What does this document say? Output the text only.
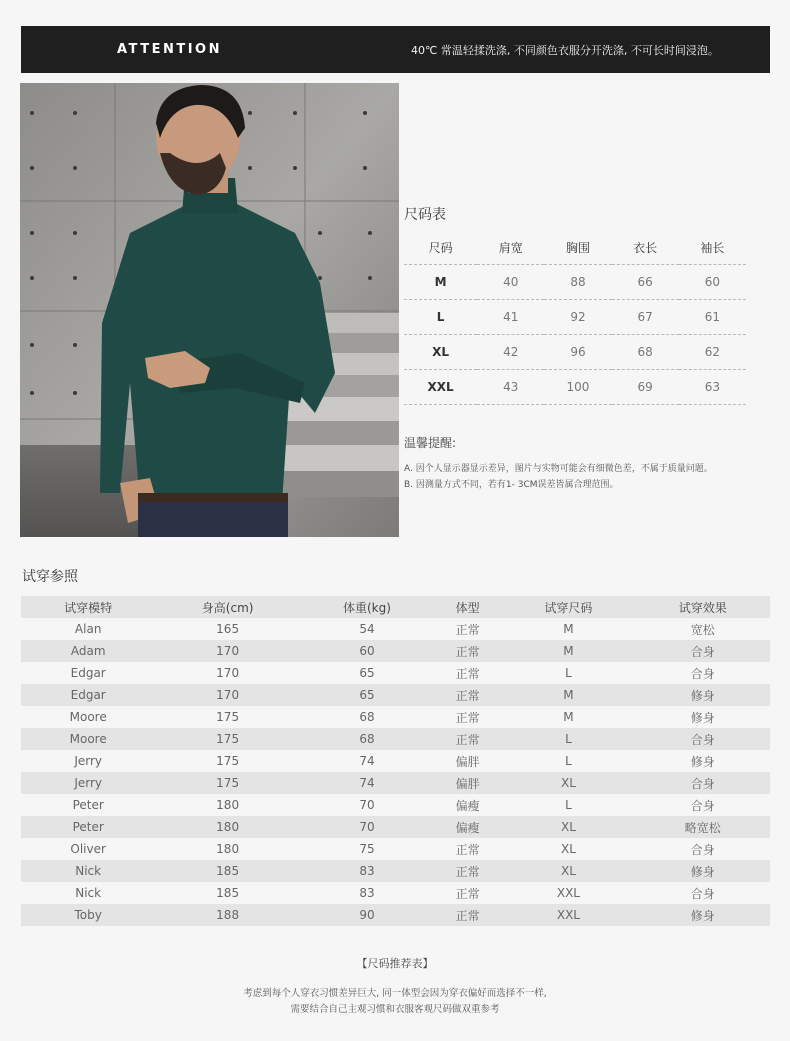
ATTENTION	40℃ 常温轻揉洗涤, 不同颜色衣服分开洗涤, 不可长时间浸泡。
尺码表
尺码	肩宽	胸围	衣长	袖长
M	40	88	66	60
L	41	92	67	61
XL	42	96	68	62
XXL	43	100	69	63
温馨提醒:
A. 因个人显示器显示差异，图片与实物可能会有细微色差，不属于质量问题。
B. 因测量方式不同，若有1- 3CM误差皆属合理范围。
试穿参照
试穿模特	身高(cm)	体重(kg)	体型	试穿尺码	试穿效果
Alan	165	54	正常	M	宽松
Adam	170	60	正常	M	合身
Edgar	170	65	正常	L	合身
Edgar	170	65	正常	M	修身
Moore	175	68	正常	M	修身
Moore	175	68	正常	L	合身
Jerry	175	74	偏胖	L	修身
Jerry	175	74	偏胖	XL	合身
Peter	180	70	偏瘦	L	合身
Peter	180	70	偏瘦	XL	略宽松
Oliver	180	75	正常	XL	合身
Nick	185	83	正常	XL	修身
Nick	185	83	正常	XXL	合身
Toby	188	90	正常	XXL	修身
【尺码推荐表】
考虑到每个人穿衣习惯差异巨大, 同一体型会因为穿衣偏好而选择不一样,
需要结合自己主观习惯和衣服客观尺码做双重参考
